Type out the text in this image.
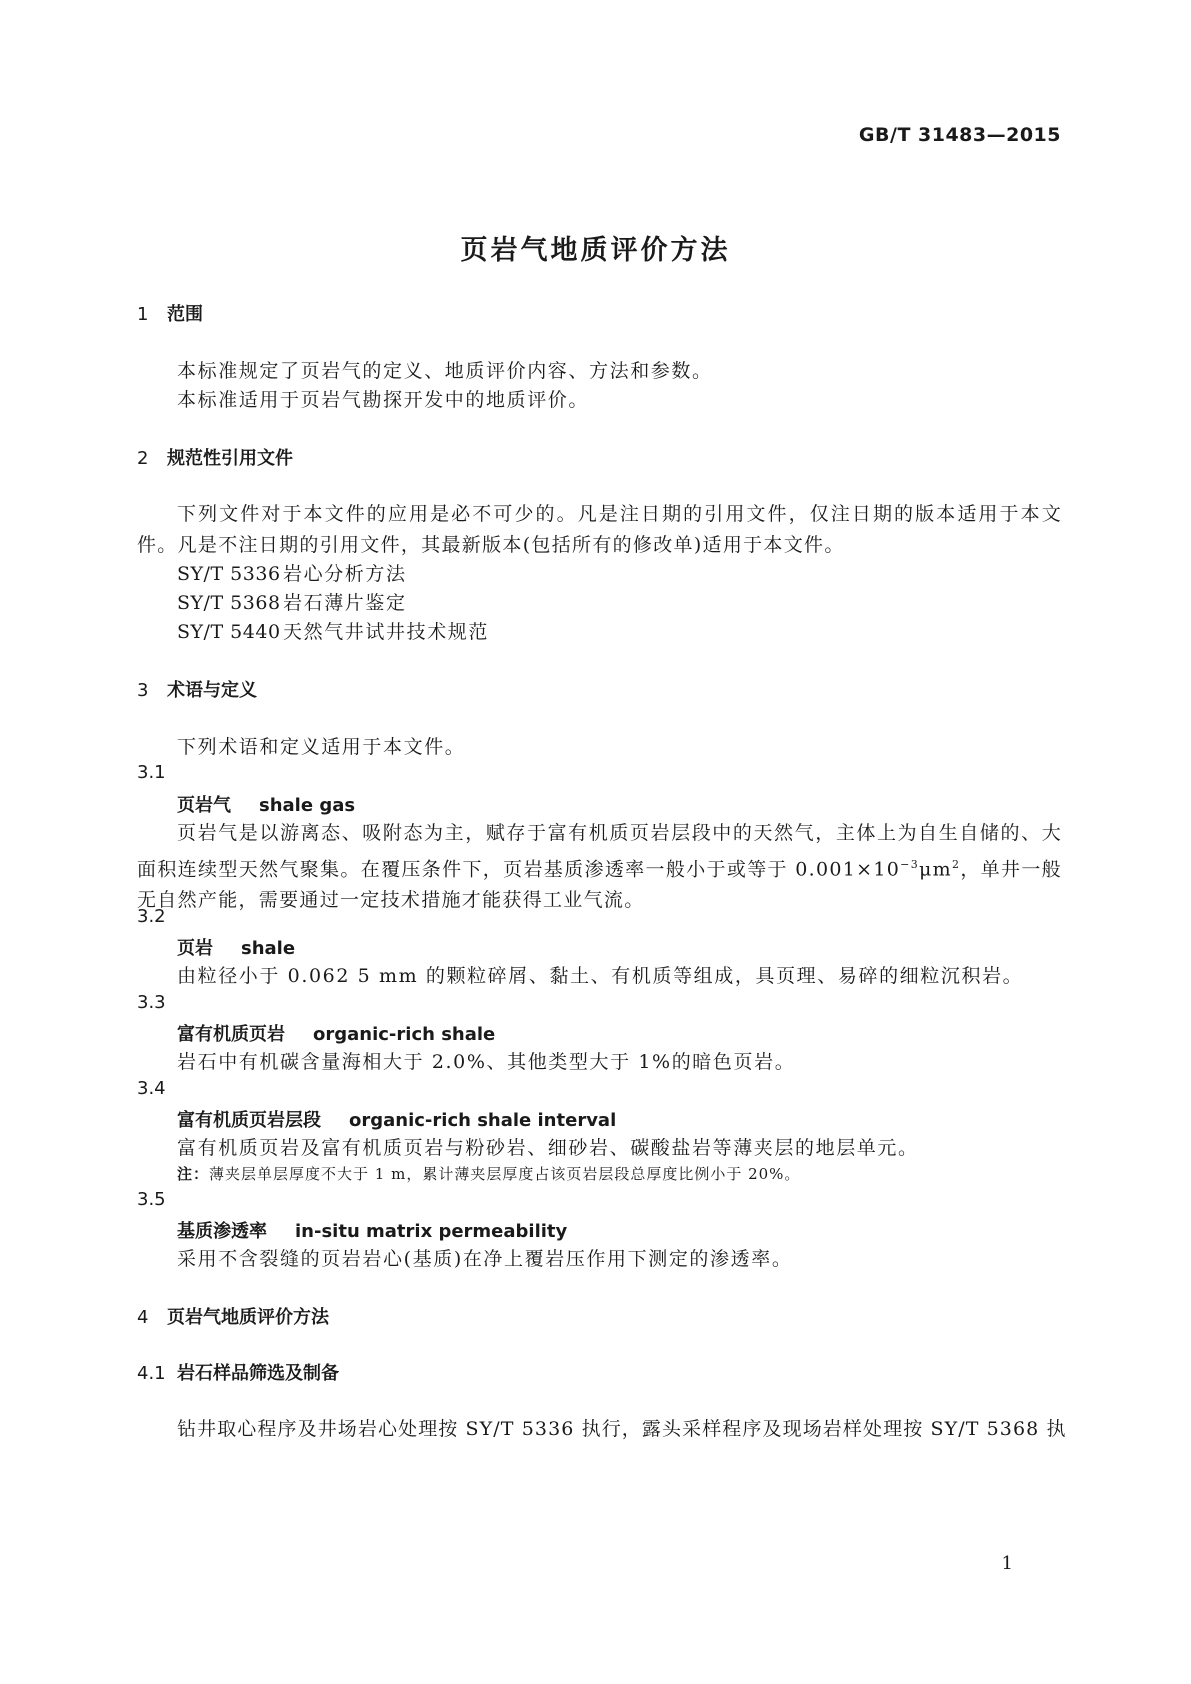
GB/T 31483—2015
页岩气地质评价方法
1 范围
本标准规定了页岩气的定义、地质评价内容、方法和参数。
本标准适用于页岩气勘探开发中的地质评价。
2 规范性引用文件
下列文件对于本文件的应用是必不可少的。凡是注日期的引用文件，仅注日期的版本适用于本文件。凡是不注日期的引用文件，其最新版本(包括所有的修改单)适用于本文件。
SY/T 5336 岩心分析方法
SY/T 5368 岩石薄片鉴定
SY/T 5440 天然气井试井技术规范
3 术语与定义
下列术语和定义适用于本文件。
3.1
页岩气 shale gas
页岩气是以游离态、吸附态为主，赋存于富有机质页岩层段中的天然气，主体上为自生自储的、大面积连续型天然气聚集。在覆压条件下，页岩基质渗透率一般小于或等于 $0.001\times 10^{-3}\mu m^2$，单井一般无自然产能，需要通过一定技术措施才能获得工业气流。
3.2
页岩 shale
由粒径小于 0.062 5 mm 的颗粒碎屑、黏土、有机质等组成，具页理、易碎的细粒沉积岩。
3.3
富有机质页岩 organic-rich shale
岩石中有机碳含量海相大于 2.0%、其他类型大于 1%的暗色页岩。
3.4
富有机质页岩层段 organic-rich shale interval
富有机质页岩及富有机质页岩与粉砂岩、细砂岩、碳酸盐岩等薄夹层的地层单元。
注：薄夹层单层厚度不大于 1 m，累计薄夹层厚度占该页岩层段总厚度比例小于 20%。
3.5
基质渗透率 in-situ matrix permeability
采用不含裂缝的页岩岩心(基质)在净上覆岩压作用下测定的渗透率。
4 页岩气地质评价方法
4.1 岩石样品筛选及制备
钻井取心程序及井场岩心处理按 SY/T 5336 执行，露头采样程序及现场岩样处理按 SY/T 5368 执
1
